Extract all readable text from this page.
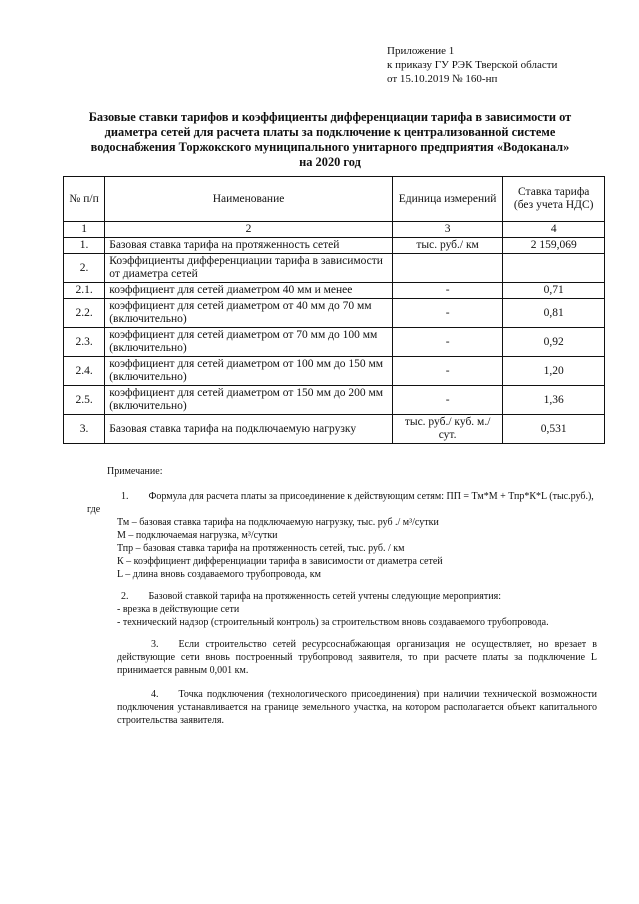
Приложение 1
к приказу ГУ РЭК Тверской области
от 15.10.2019 № 160-нп
Базовые ставки тарифов и коэффициенты дифференциации тарифа в зависимости от
диаметра сетей для расчета платы за подключение к централизованной системе
водоснабжения Торжокского муниципального унитарного предприятия «Водоканал»
на 2020 год
№ п/п	Наименование	Единица измерений	Ставка тарифа (без учета НДС)
1	2	3	4
1.	Базовая ставка тарифа на протяженность сетей	тыс. руб./ км	2 159,069
2.	Коэффициенты дифференциации тарифа в зависимости от диаметра сетей		
2.1.	коэффициент для сетей диаметром 40 мм и менее	-	0,71
2.2.	коэффициент для сетей диаметром от 40 мм до 70 мм (включительно)	-	0,81
2.3.	коэффициент для сетей диаметром от 70 мм до 100 мм (включительно)	-	0,92
2.4.	коэффициент для сетей диаметром от 100 мм до 150 мм (включительно)	-	1,20
2.5.	коэффициент для сетей диаметром от 150 мм до 200 мм (включительно)	-	1,36
3.	Базовая ставка тарифа на подключаемую нагрузку	тыс. руб./ куб. м./сут.	0,531
Примечание:
1. Формула для расчета платы за присоединение к действующим сетям: ПП = Тм*М + Тпр*К*L (тыс.руб.), где
Тм – базовая ставка тарифа на подключаемую нагрузку, тыс. руб ./ м³/сутки
М – подключаемая нагрузка, м³/сутки
Тпр – базовая ставка тарифа на протяженность сетей, тыс. руб. / км
К – коэффициент дифференциации тарифа в зависимости от диаметра сетей
L – длина вновь создаваемого трубопровода, км
2. Базовой ставкой тарифа на протяженность сетей учтены следующие мероприятия:
- врезка в действующие сети
- технический надзор (строительный контроль) за строительством вновь создаваемого трубопровода.
3. Если строительство сетей ресурсоснабжающая организация не осуществляет, но врезает в действующие сети вновь построенный трубопровод заявителя, то при расчете платы за подключение L принимается равным 0,001 км.
4. Точка подключения (технологического присоединения) при наличии технической возможности подключения устанавливается на границе земельного участка, на котором располагается объект капитального строительства заявителя.
